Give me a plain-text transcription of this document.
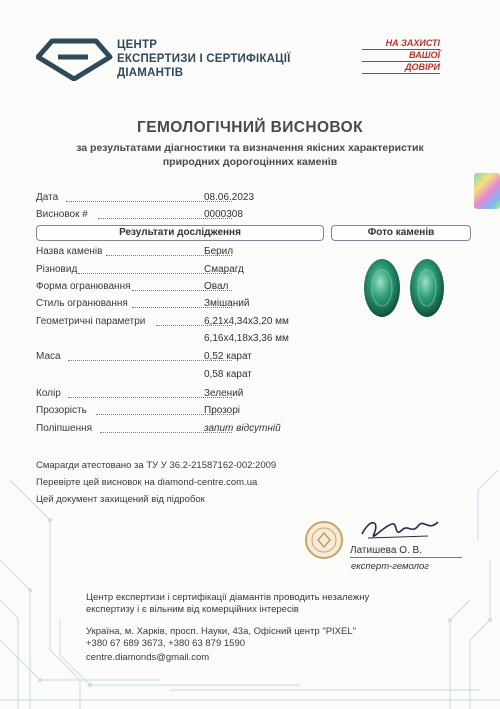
ЦЕНТР
ЕКСПЕРТИЗИ І СЕРТИФІКАЦІЇ
ДІАМАНТІВ
НА ЗАХИСТІ
ВАШОЇ
ДОВІРИ
ГЕМОЛОГІЧНИЙ ВИСНОВОК
за результатами діагностики та визначення якісних характеристик
природних дорогоцінних каменів
Дата	08.06.2023
Висновок #	0000308
Результати дослідження	Фото каменів
Назва каменів	Берил
Різновид	Смарагд
Форма огранювання	Овал
Стиль огранювання	Змішаний
Геометричні параметри	6,21x4,34x3,20 мм
6,16x4,18x3,36 мм
Маса	0,52 карат
0,58 карат
Колір	Зелений
Прозорість	Прозорі
Поліпшення	запит відсутній
Смарагди атестовано за ТУ У 36.2-21587162-002:2009
Перевірте цей висновок на diamond-centre.com.ua
Цей документ захищений від підробок
Латишева О. В.
експерт-гемолог
Центр експертизи і сертифікації діамантів проводить незалежну
експертизу і є вільним від комерційних інтересів
Україна, м. Харків, просп. Науки, 43а, Офісний центр "PIXEL"
+380 67 689 3673, +380 63 879 1590
centre.diamonds@gmail.com
